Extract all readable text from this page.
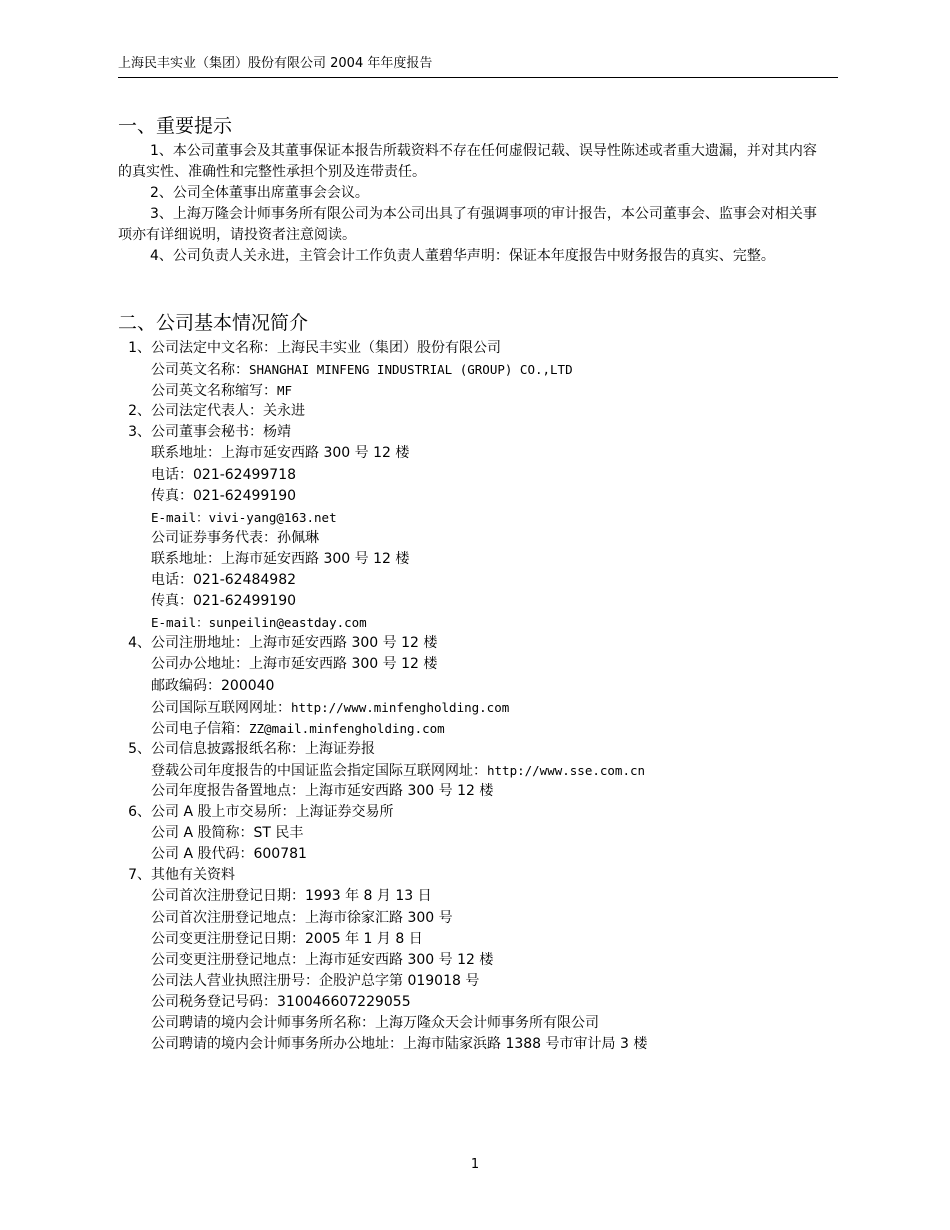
上海民丰实业（集团）股份有限公司 2004 年年度报告
一、重要提示
1、本公司董事会及其董事保证本报告所载资料不存在任何虚假记载、误导性陈述或者重大遗漏，并对其内容的真实性、准确性和完整性承担个别及连带责任。
2、公司全体董事出席董事会会议。
3、上海万隆会计师事务所有限公司为本公司出具了有强调事项的审计报告，本公司董事会、监事会对相关事项亦有详细说明，请投资者注意阅读。
4、公司负责人关永进，主管会计工作负责人董碧华声明：保证本年度报告中财务报告的真实、完整。
二、公司基本情况简介
1、公司法定中文名称：上海民丰实业（集团）股份有限公司
公司英文名称：SHANGHAI MINFENG INDUSTRIAL (GROUP) CO.,LTD
公司英文名称缩写：MF
2、公司法定代表人：关永进
3、公司董事会秘书：杨靖
联系地址：上海市延安西路 300 号 12 楼
电话：021-62499718
传真：021-62499190
E-mail：vivi-yang@163.net
公司证券事务代表：孙佩琳
联系地址：上海市延安西路 300 号 12 楼
电话：021-62484982
传真：021-62499190
E-mail：sunpeilin@eastday.com
4、公司注册地址：上海市延安西路 300 号 12 楼
公司办公地址：上海市延安西路 300 号 12 楼
邮政编码：200040
公司国际互联网网址：http://www.minfengholding.com
公司电子信箱：ZZ@mail.minfengholding.com
5、公司信息披露报纸名称：上海证券报
登载公司年度报告的中国证监会指定国际互联网网址：http://www.sse.com.cn
公司年度报告备置地点：上海市延安西路 300 号 12 楼
6、公司 A 股上市交易所：上海证券交易所
公司 A 股简称：ST 民丰
公司 A 股代码：600781
7、其他有关资料
公司首次注册登记日期：1993 年 8 月 13 日
公司首次注册登记地点：上海市徐家汇路 300 号
公司变更注册登记日期：2005 年 1 月 8 日
公司变更注册登记地点：上海市延安西路 300 号 12 楼
公司法人营业执照注册号：企股沪总字第 019018 号
公司税务登记号码：310046607229055
公司聘请的境内会计师事务所名称：上海万隆众天会计师事务所有限公司
公司聘请的境内会计师事务所办公地址：上海市陆家浜路 1388 号市审计局 3 楼
1
